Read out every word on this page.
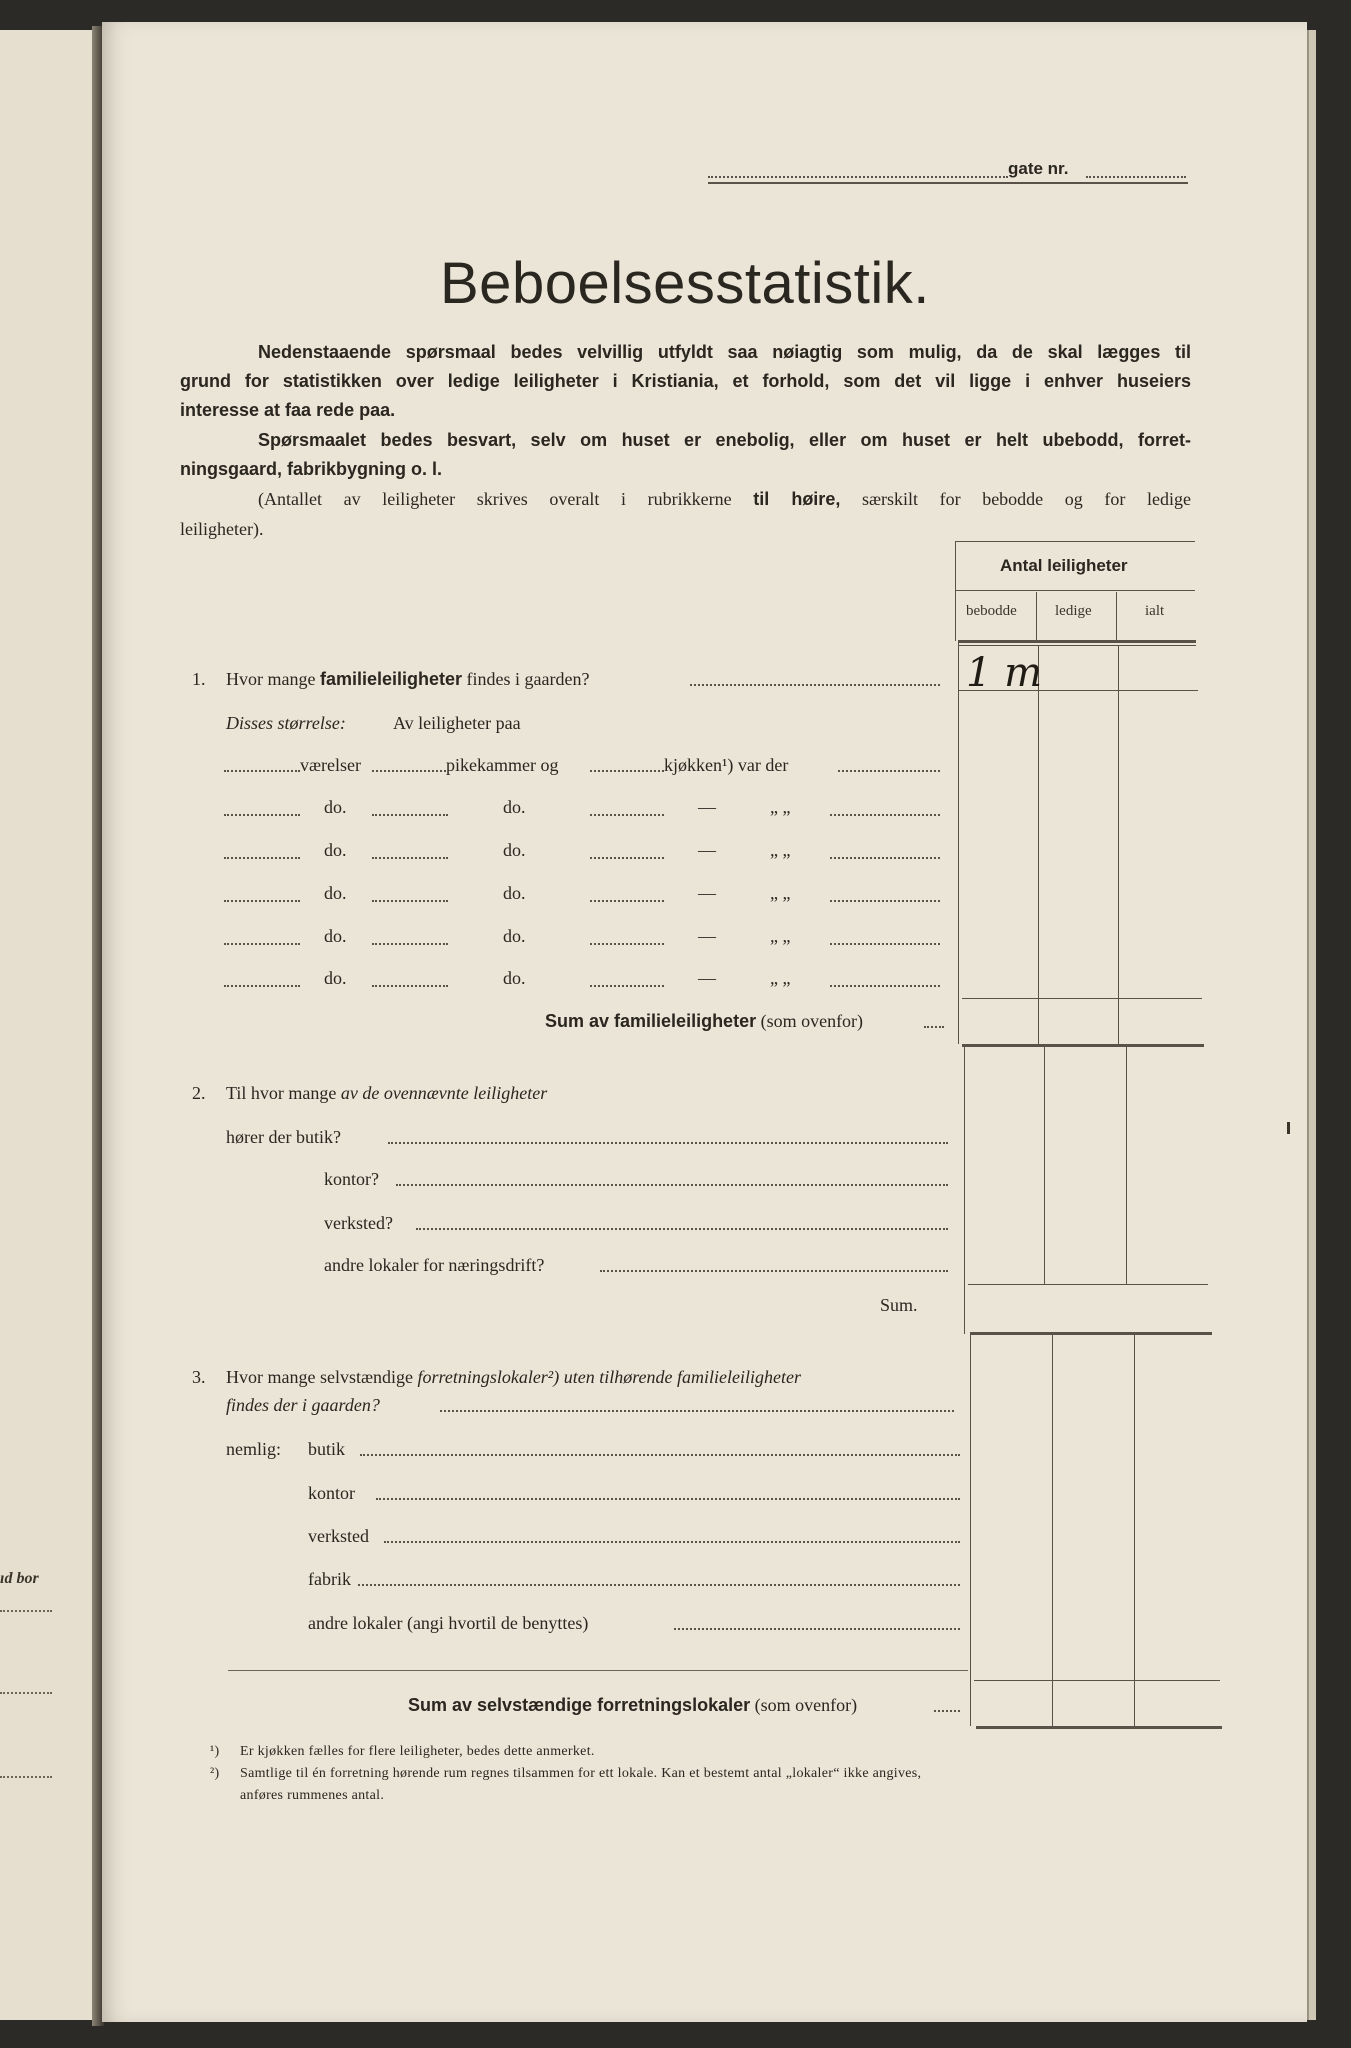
ıd bor
gate nr.
Beboelsesstatistik.
Nedenstaaende spørsmaal bedes velvillig utfyldt saa nøiagtig som mulig, da de skal lægges til
grund for statistikken over ledige leiligheter i Kristiania, et forhold, som det vil ligge i enhver huseiers
interesse at faa rede paa.
Spørsmaalet bedes besvart, selv om huset er enebolig, eller om huset er helt ubebodd, forret-
ningsgaard, fabrikbygning o. l.
(Antallet av leiligheter skrives overalt i rubrikkerne til høire, særskilt for bebodde og for ledige
leiligheter).
Antal leiligheter
bebodde	ledige	ialt
1 m
1. Hvor mange familieleiligheter findes i gaarden?
Disses størrelse:	Av leiligheter paa
værelser	pikekammer og	kjøkken¹) var der
do.	do.	—	„ „
do.	do.	—	„ „
do.	do.	—	„ „
do.	do.	—	„ „
do.	do.	—	„ „
Sum av familieleiligheter (som ovenfor)
2. Til hvor mange av de ovennævnte leiligheter
hører der butik?
kontor?
verksted?
andre lokaler for næringsdrift?
Sum.
3. Hvor mange selvstændige forretningslokaler²) uten tilhørende familieleiligheter
findes der i gaarden?
nemlig: butik
kontor
verksted
fabrik
andre lokaler (angi hvortil de benyttes)
Sum av selvstændige forretningslokaler (som ovenfor)
¹) Er kjøkken fælles for flere leiligheter, bedes dette anmerket.
²) Samtlige til én forretning hørende rum regnes tilsammen for ett lokale. Kan et bestemt antal „lokaler“ ikke angives,
anføres rummenes antal.
